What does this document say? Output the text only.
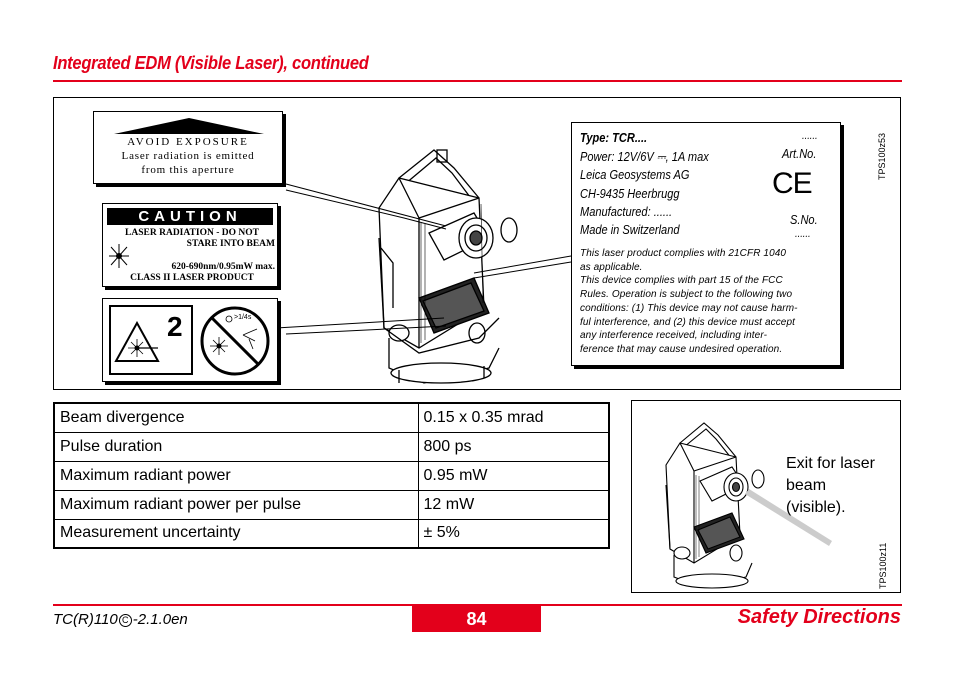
Integrated EDM (Visible Laser), continued
AVOID EXPOSURE
Laser radiation is emitted
from this aperture
CAUTION
LASER RADIATION - DO NOT
STARE INTO BEAM
620-690nm/0.95mW max.
CLASS II LASER PRODUCT
2	>1/4s
Type: TCR....	......
Power: 12V/6V ⎓, 1A max	Art.No.
Leica Geosystems AG
CH-9435 Heerbrugg
Manufactured: ......
Made in Switzerland
CE
S.No.
......
This laser product complies with 21CFR 1040
as applicable.
This device complies with part 15 of the FCC
Rules. Operation is subject to the following two
conditions: (1) This device may not cause harm-
ful interference, and (2) this device must accept
any interference received, including inter-
ference that may cause undesired operation.
TPS100z53
Beam divergence	0.15 x 0.35 mrad
Pulse duration	800 ps
Maximum radiant power	0.95 mW
Maximum radiant power per pulse	12 mW
Measurement uncertainty	± 5%
Exit for laser
beam
(visible).
TPS100z11
TC(R)110 C -2.1.0en	84	Safety Directions
